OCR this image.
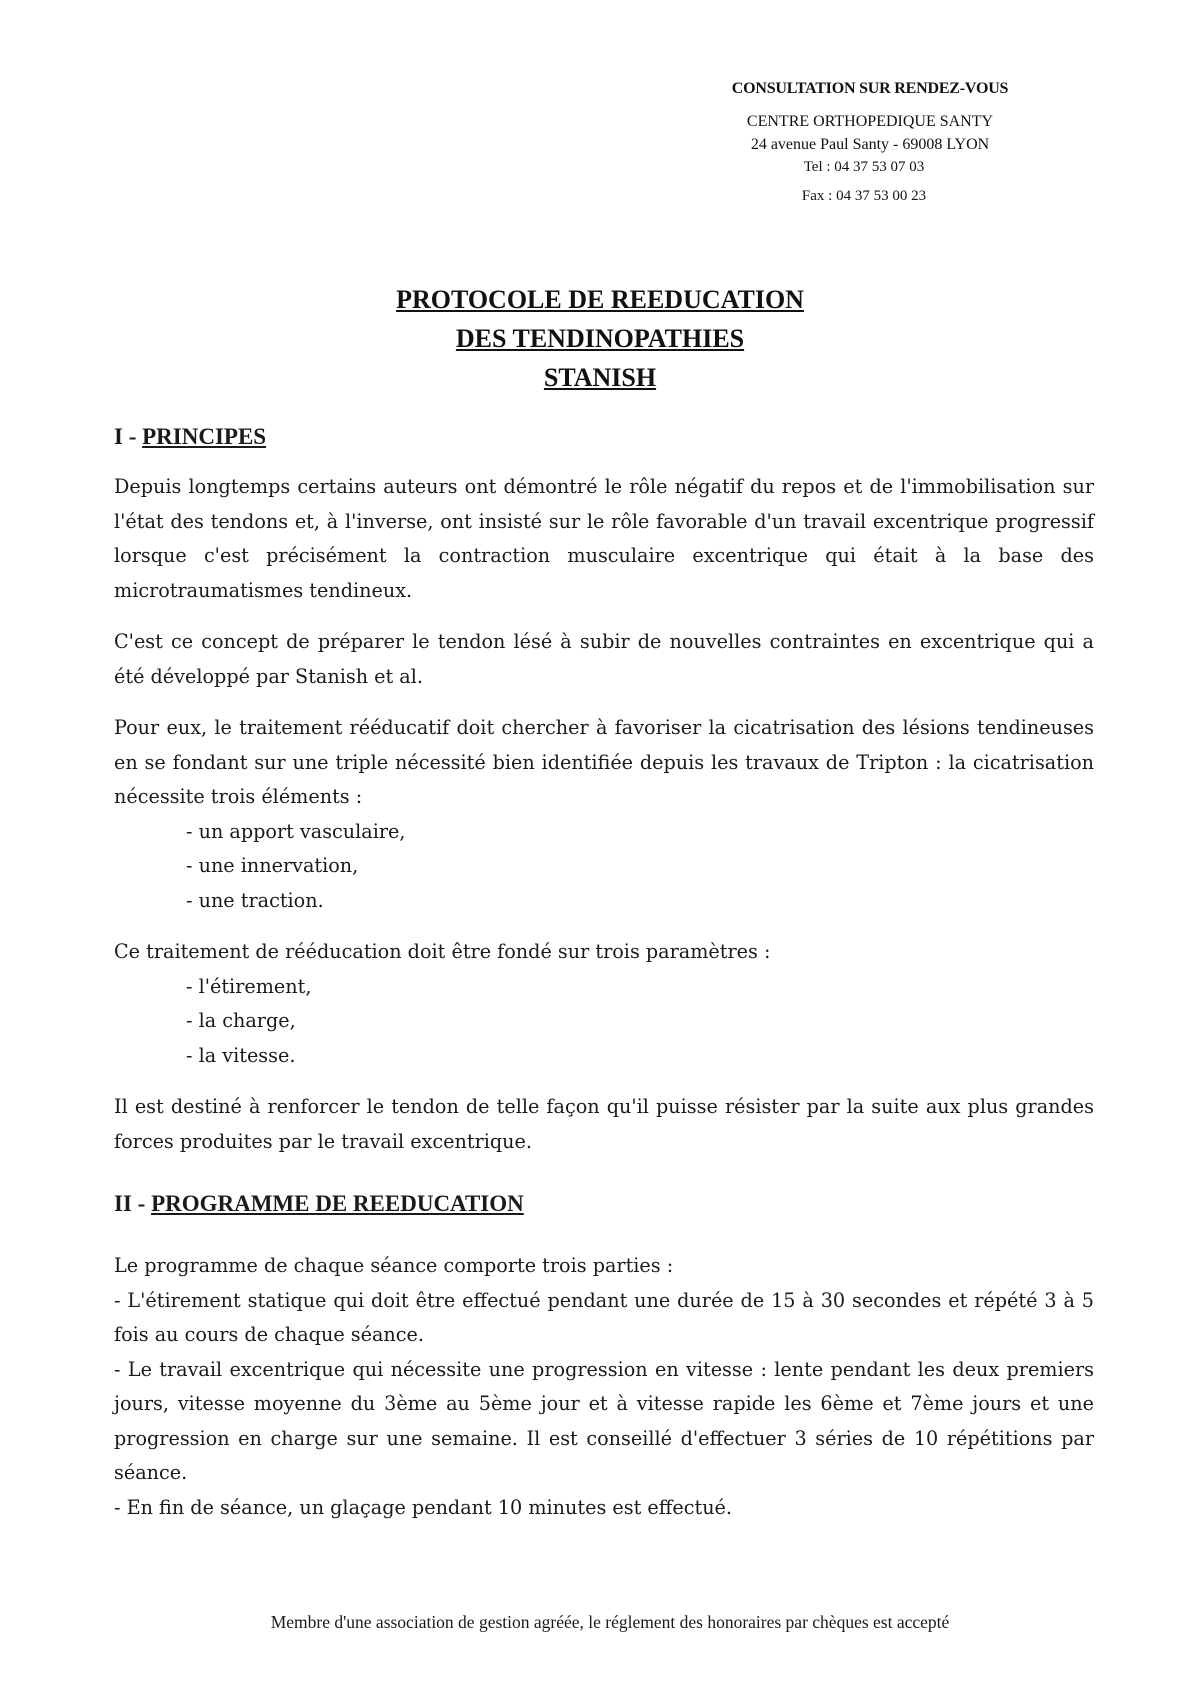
CONSULTATION SUR RENDEZ-VOUS
CENTRE ORTHOPEDIQUE SANTY
24 avenue Paul Santy - 69008 LYON
Tel : 04 37 53 07 03
Fax : 04 37 53 00 23
PROTOCOLE DE REEDUCATION
DES TENDINOPATHIES
STANISH
I - PRINCIPES

Depuis longtemps certains auteurs ont démontré le rôle négatif du repos et de l'immobilisation sur l'état des tendons et, à l'inverse, ont insisté sur le rôle favorable d'un travail excentrique progressif lorsque c'est précisément la contraction musculaire excentrique qui était à la base des microtraumatismes tendineux.

C'est ce concept de préparer le tendon lésé à subir de nouvelles contraintes en excentrique qui a été développé par Stanish et al.

Pour eux, le traitement rééducatif doit chercher à favoriser la cicatrisation des lésions tendineuses en se fondant sur une triple nécessité bien identifiée depuis les travaux de Tripton : la cicatrisation nécessite trois éléments :

- un apport vasculaire,
- une innervation,
- une traction.

Ce traitement de rééducation doit être fondé sur trois paramètres :

- l'étirement,
- la charge,
- la vitesse.

Il est destiné à renforcer le tendon de telle façon qu'il puisse résister par la suite aux plus grandes forces produites par le travail excentrique.

II - PROGRAMME DE REEDUCATION

Le programme de chaque séance comporte trois parties :

- L'étirement statique qui doit être effectué pendant une durée de 15 à 30 secondes et répété 3 à 5 fois au cours de chaque séance.

- Le travail excentrique qui nécessite une progression en vitesse : lente pendant les deux premiers jours, vitesse moyenne du 3ème au 5ème jour et à vitesse rapide les 6ème et 7ème jours et une progression en charge sur une semaine. Il est conseillé d'effectuer 3 séries de 10 répétitions par séance.

- En fin de séance, un glaçage pendant 10 minutes est effectué.

Membre d'une association de gestion agréée, le réglement des honoraires par chèques est accepté
